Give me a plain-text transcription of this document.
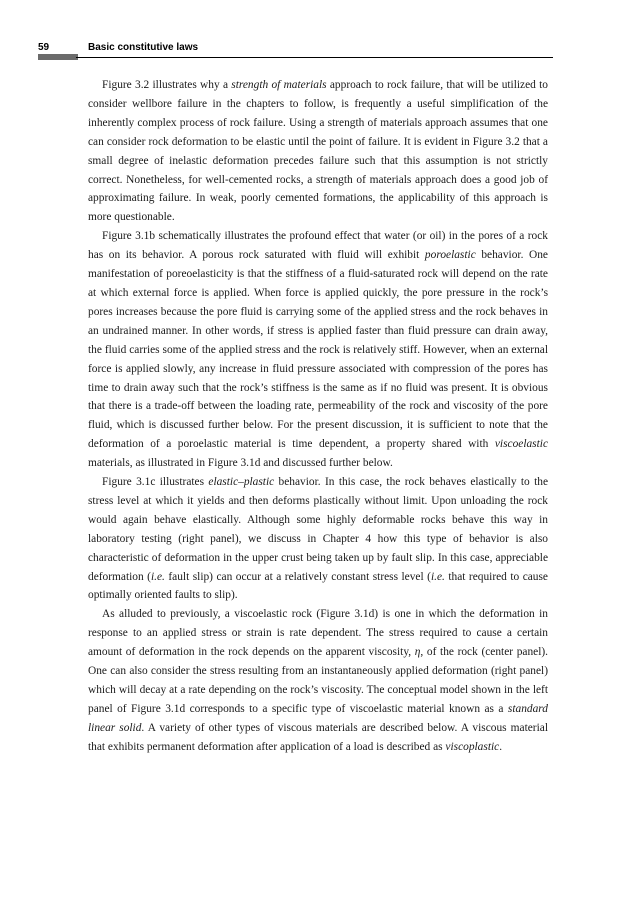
59	Basic constitutive laws

Figure 3.2 illustrates why a strength of materials approach to rock failure, that will be utilized to consider wellbore failure in the chapters to follow, is frequently a useful simplification of the inherently complex process of rock failure. Using a strength of materials approach assumes that one can consider rock deformation to be elastic until the point of failure. It is evident in Figure 3.2 that a small degree of inelastic deformation precedes failure such that this assumption is not strictly correct. Nonetheless, for well-cemented rocks, a strength of materials approach does a good job of approximating failure. In weak, poorly cemented formations, the applicability of this approach is more questionable.

Figure 3.1b schematically illustrates the profound effect that water (or oil) in the pores of a rock has on its behavior. A porous rock saturated with fluid will exhibit poroelastic behavior. One manifestation of poreoelasticity is that the stiffness of a fluid-saturated rock will depend on the rate at which external force is applied. When force is applied quickly, the pore pressure in the rock’s pores increases because the pore fluid is carrying some of the applied stress and the rock behaves in an undrained manner. In other words, if stress is applied faster than fluid pressure can drain away, the fluid carries some of the applied stress and the rock is relatively stiff. However, when an external force is applied slowly, any increase in fluid pressure associated with compression of the pores has time to drain away such that the rock’s stiffness is the same as if no fluid was present. It is obvious that there is a trade-off between the loading rate, permeability of the rock and viscosity of the pore fluid, which is discussed further below. For the present discussion, it is sufficient to note that the deformation of a poroelastic material is time dependent, a property shared with viscoelastic materials, as illustrated in Figure 3.1d and discussed further below.

Figure 3.1c illustrates elastic–plastic behavior. In this case, the rock behaves elastically to the stress level at which it yields and then deforms plastically without limit. Upon unloading the rock would again behave elastically. Although some highly deformable rocks behave this way in laboratory testing (right panel), we discuss in Chapter 4 how this type of behavior is also characteristic of deformation in the upper crust being taken up by fault slip. In this case, appreciable deformation (i.e. fault slip) can occur at a relatively constant stress level (i.e. that required to cause optimally oriented faults to slip).

As alluded to previously, a viscoelastic rock (Figure 3.1d) is one in which the deformation in response to an applied stress or strain is rate dependent. The stress required to cause a certain amount of deformation in the rock depends on the apparent viscosity, η, of the rock (center panel). One can also consider the stress resulting from an instantaneously applied deformation (right panel) which will decay at a rate depending on the rock’s viscosity. The conceptual model shown in the left panel of Figure 3.1d corresponds to a specific type of viscoelastic material known as a standard linear solid. A variety of other types of viscous materials are described below. A viscous material that exhibits permanent deformation after application of a load is described as viscoplastic.
